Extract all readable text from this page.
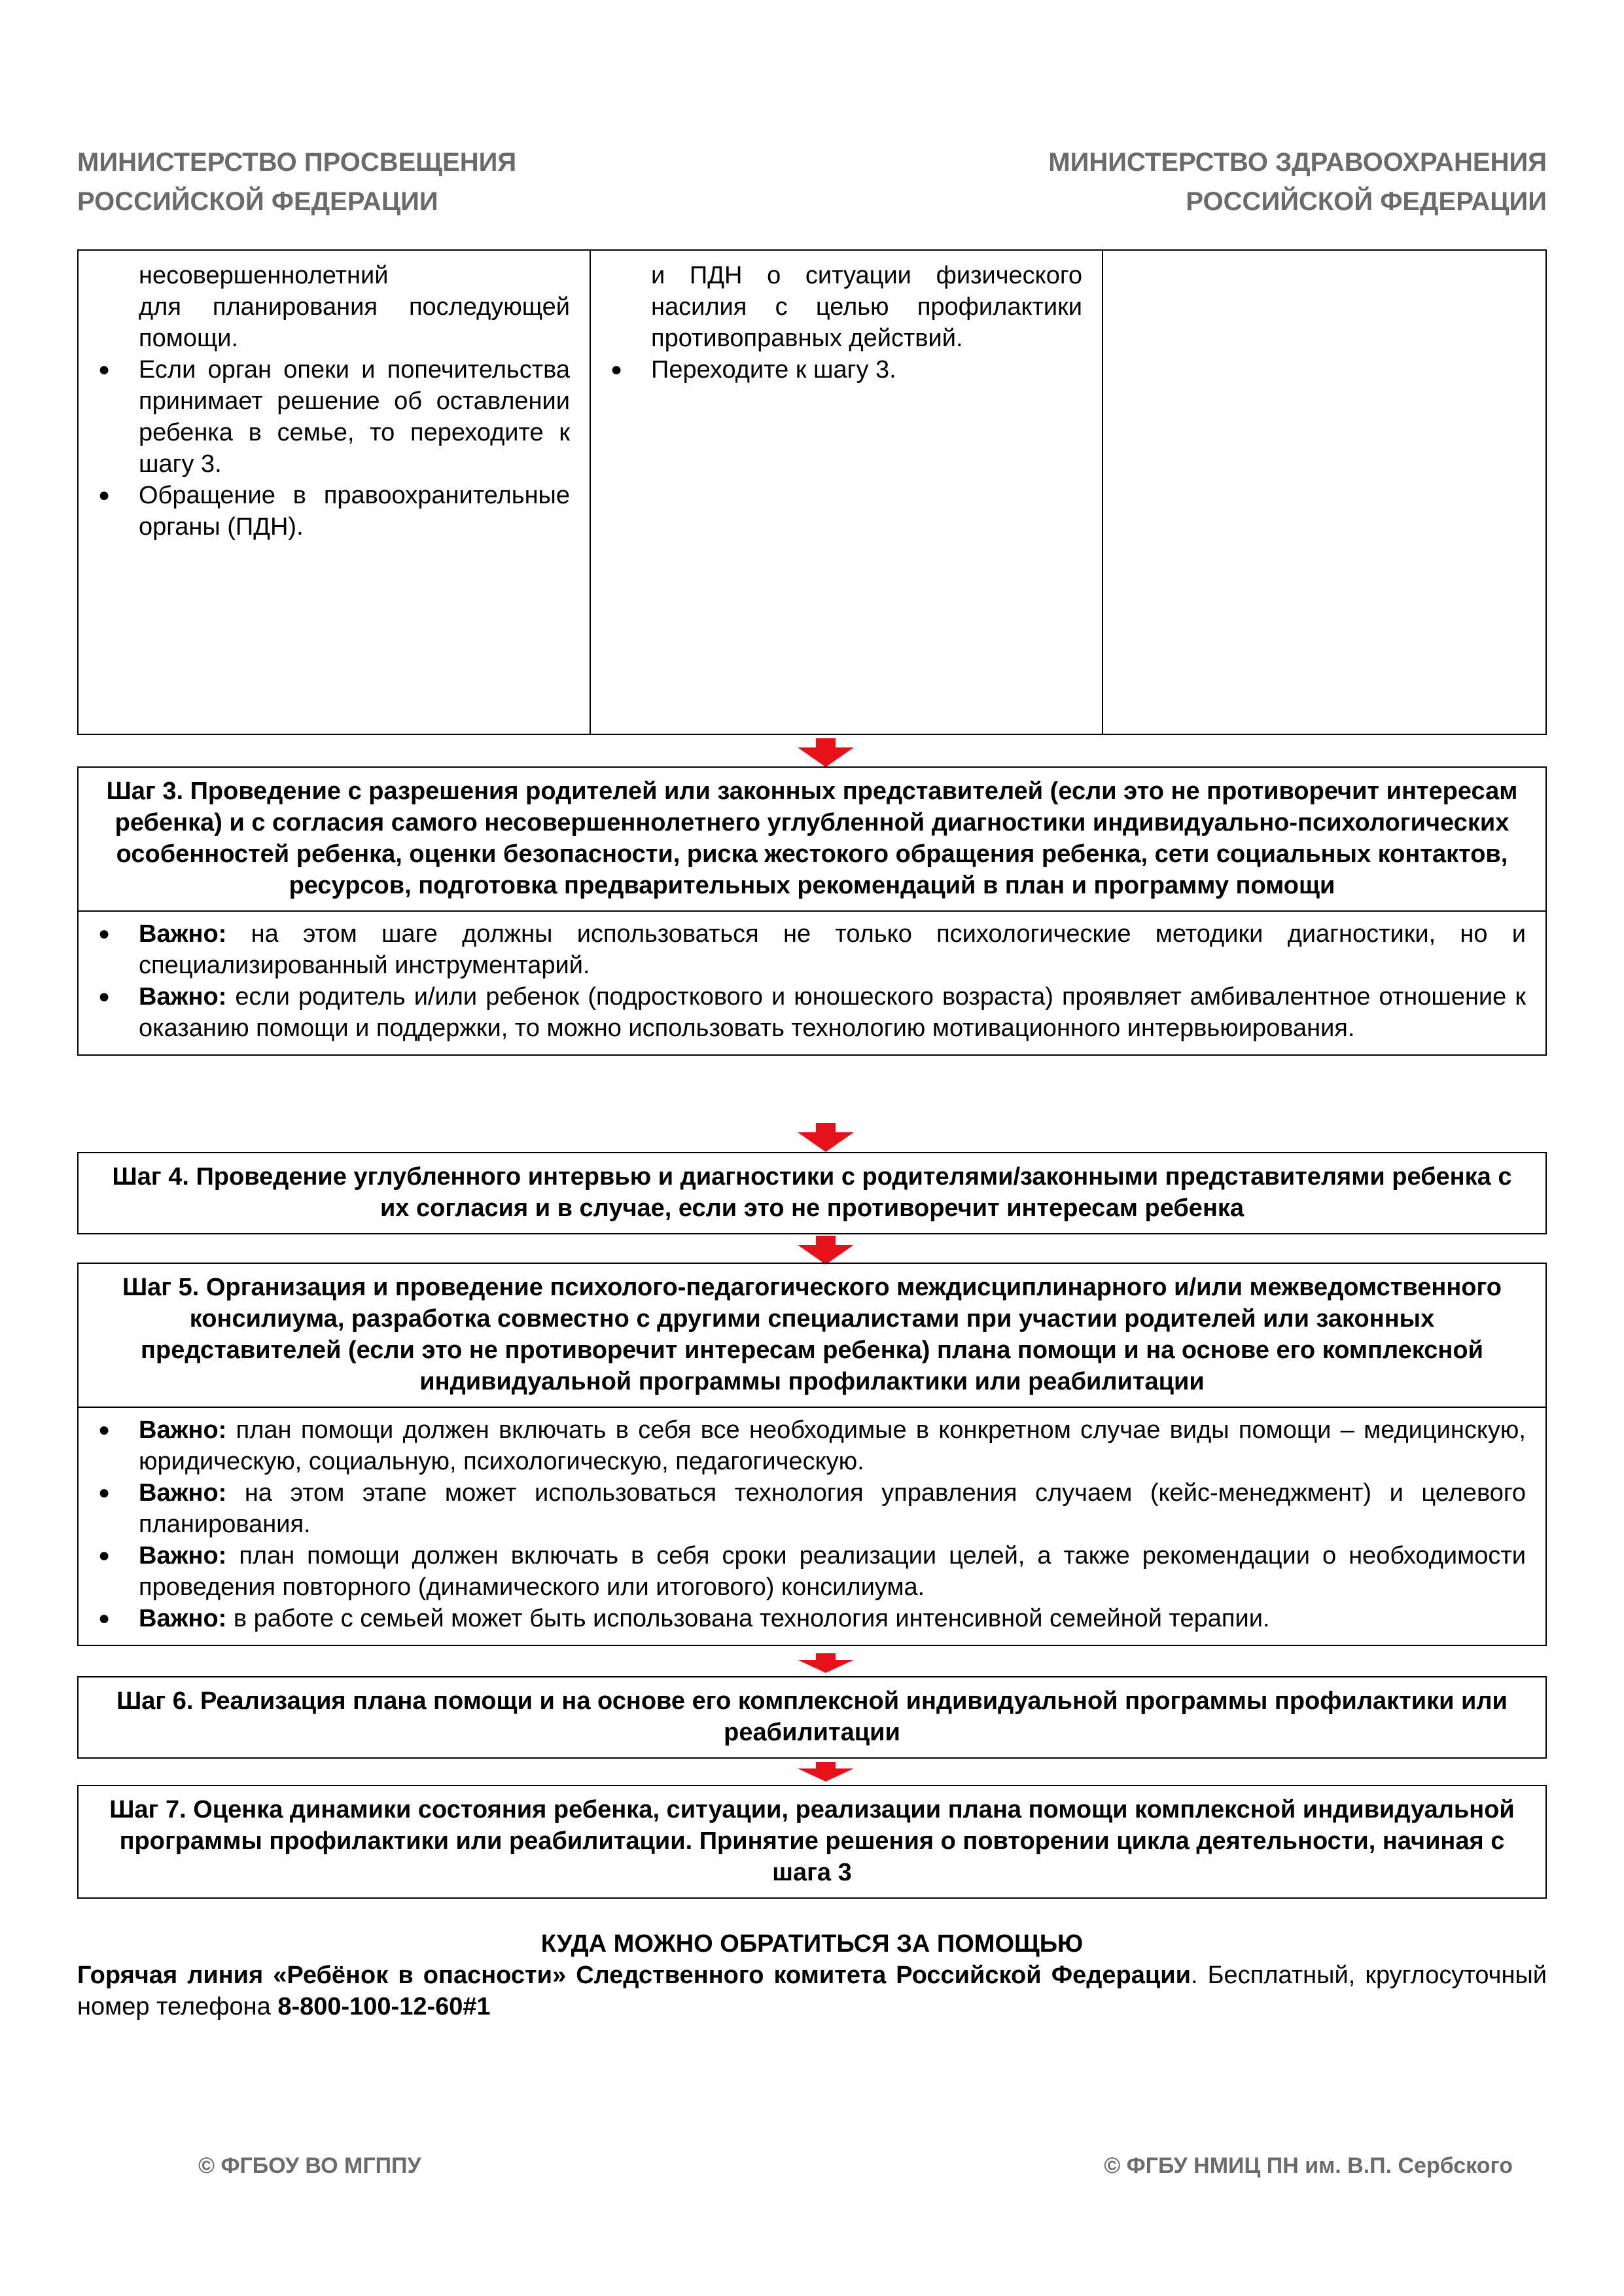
МИНИСТЕРСТВО ПРОСВЕЩЕНИЯ
РОССИЙСКОЙ ФЕДЕРАЦИИ
МИНИСТЕРСТВО ЗДРАВООХРАНЕНИЯ
РОССИЙСКОЙ ФЕДЕРАЦИИ

несовершеннолетний

для планирования последующей помощи.

● Если орган опеки и попечительства принимает решение об оставлении ребенка в семье, то переходите к шагу 3.
● Обращение в правоохранительные органы (ПДН).

и ПДН о ситуации физического насилия с целью профилактики противоправных действий.

● Переходите к шагу 3.
Шаг 3. Проведение с разрешения родителей или законных представителей (если это не противоречит интересам ребенка) и с согласия самого несовершеннолетнего углубленной диагностики индивидуально-психологических особенностей ребенка, оценки безопасности, риска жестокого обращения ребенка, сети социальных контактов, ресурсов, подготовка предварительных рекомендаций в план и программу помощи
● Важно: на этом шаге должны использоваться не только психологические методики диагностики, но и специализированный инструментарий.
● Важно: если родитель и/или ребенок (подросткового и юношеского возраста) проявляет амбивалентное отношение к оказанию помощи и поддержки, то можно использовать технологию мотивационного интервьюирования.
Шаг 4. Проведение углубленного интервью и диагностики с родителями/законными представителями ребенка с их согласия и в случае, если это не противоречит интересам ребенка
Шаг 5. Организация и проведение психолого-педагогического междисциплинарного и/или межведомственного консилиума, разработка совместно с другими специалистами при участии родителей или законных представителей (если это не противоречит интересам ребенка) плана помощи и на основе его комплексной индивидуальной программы профилактики или реабилитации
● Важно: план помощи должен включать в себя все необходимые в конкретном случае виды помощи – медицинскую, юридическую, социальную, психологическую, педагогическую.
● Важно: на этом этапе может использоваться технология управления случаем (кейс-менеджмент) и целевого планирования.
● Важно: план помощи должен включать в себя сроки реализации целей, а также рекомендации о необходимости проведения повторного (динамического или итогового) консилиума.
● Важно: в работе с семьей может быть использована технология интенсивной семейной терапии.
Шаг 6. Реализация плана помощи и на основе его комплексной индивидуальной программы профилактики или реабилитации
Шаг 7. Оценка динамики состояния ребенка, ситуации, реализации плана помощи комплексной индивидуальной программы профилактики или реабилитации. Принятие решения о повторении цикла деятельности, начиная с шага 3
КУДА МОЖНО ОБРАТИТЬСЯ ЗА ПОМОЩЬЮ
Горячая линия «Ребёнок в опасности» Следственного комитета Российской Федерации. Бесплатный, круглосуточный номер телефона 8-800-100-12-60#1
© ФГБОУ ВО МГППУ	© ФГБУ НМИЦ ПН им. В.П. Сербского
